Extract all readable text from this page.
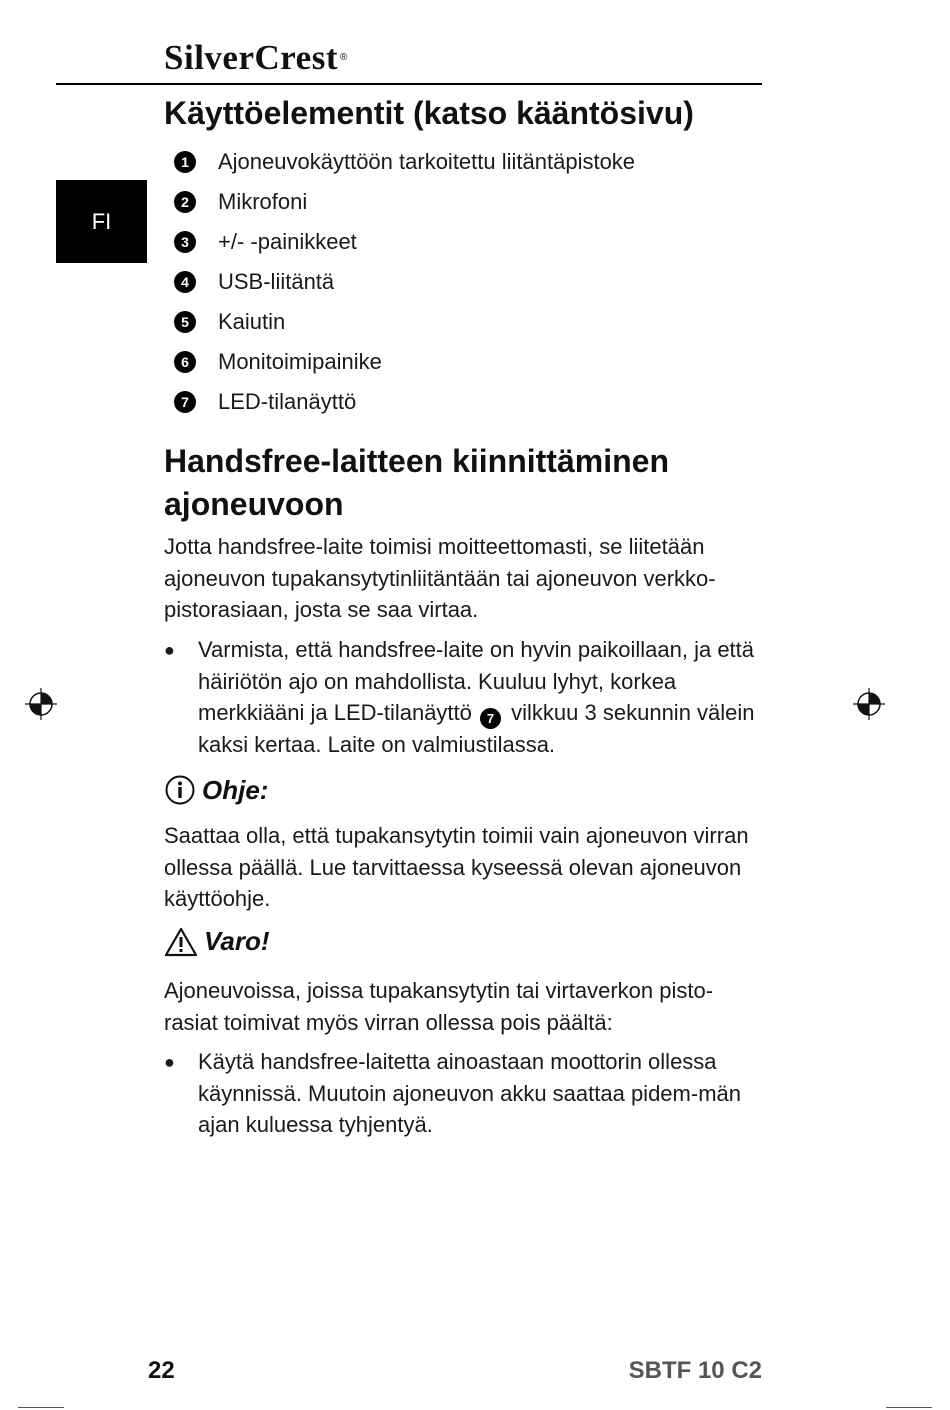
SilverCrest ®
FI
Käyttöelementit (katso kääntösivu)
1	Ajoneuvokäyttöön tarkoitettu liitäntäpistoke
2	Mikrofoni
3	+/- -painikkeet
4	USB-liitäntä
5	Kaiutin
6	Monitoimipainike
7	LED-tilanäyttö
Handsfree-laitteen kiinnittäminen ajoneuvoon

Jotta handsfree-laite toimisi moitteettomasti, se liitetään ajoneuvon tupakansytytinliitäntään tai ajoneuvon verkko-pistorasiaan, josta se saa virtaa.

●	Varmista, että handsfree-laite on hyvin paikoillaan, ja että häiriötön ajo on mahdollista. Kuuluu lyhyt, korkea merkkiääni ja LED-tilanäyttö 7 vilkkuu 3 sekunnin välein kaksi kertaa. Laite on valmiustilassa.

Ohje:

Saattaa olla, että tupakansytytin toimii vain ajoneuvon virran ollessa päällä. Lue tarvittaessa kyseessä olevan ajoneuvon käyttöohje.

Varo!

Ajoneuvoissa, joissa tupakansytytin tai virtaverkon pisto-rasiat toimivat myös virran ollessa pois päältä:

●	Käytä handsfree-laitetta ainoastaan moottorin ollessa käynnissä. Muutoin ajoneuvon akku saattaa pidem-män ajan kuluessa tyhjentyä.

22	SBTF 10 C2
